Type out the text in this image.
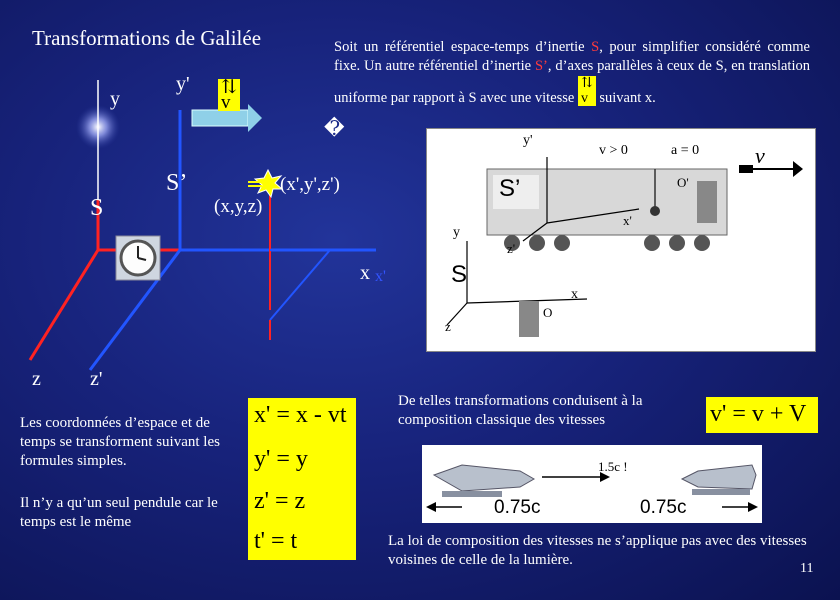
Transformations de Galilée	Soit un référentiel espace-temps d’inertie S, pour simplifier considéré comme fixe. Un autre référentiel d’inertie S’, d’axes parallèles à ceux de S, en translation uniforme par rapport à S avec une vitesse ⇅
v suivant x.
y
y'
S
S’
x x'
z z'
(x,y,z)
(x',y',z')
⇅
v
�
y'
v > 0	a = 0	v
S’	O'
x'
z'
y
S
x
z
O	Le pendule reste vertical dans les deux référentiels d’inertie
Les coordonnées d’espace et de temps se transforment suivant les formules simples.
Il n’y a qu’un seul pendule car le temps est le même
x' = x - vt
y' = y
z' = z
t' = t
De telles transformations conduisent à la composition classique des vitesses	v' = v + V
1.5c !
0.75c	0.75c
La loi de composition des vitesses ne s’applique pas avec des vitesses voisines de celle de la lumière.
11
